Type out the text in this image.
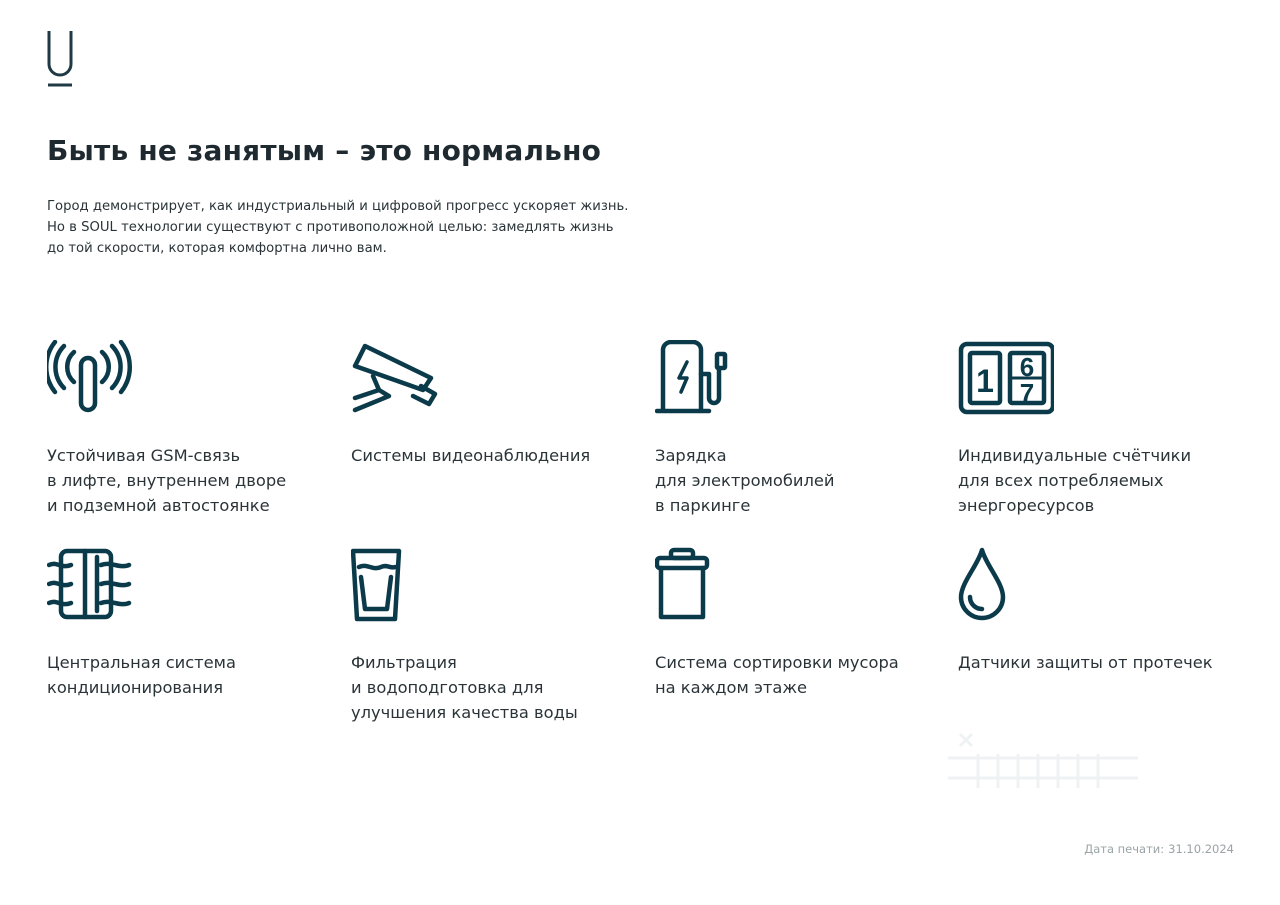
Быть не занятым – это нормально
Город демонстрирует, как индустриальный и цифровой прогресс ускоряет жизнь.
Но в SOUL технологии существуют с противоположной целью: замедлять жизнь
до той скорости, которая комфортна лично вам.
Устойчивая GSM-связь
в лифте, внутреннем дворе
и подземной автостоянке
Системы видеонаблюдения	Зарядка
для электромобилей
в паркинге
1 6
7
Индивидуальные счётчики
для всех потребляемых
энергоресурсов
Центральная система
кондиционирования
Фильтрация
и водоподготовка для
улучшения качества воды
Система сортировки мусора
на каждом этаже
Датчики защиты от протечек
Дата печати: 31.10.2024
